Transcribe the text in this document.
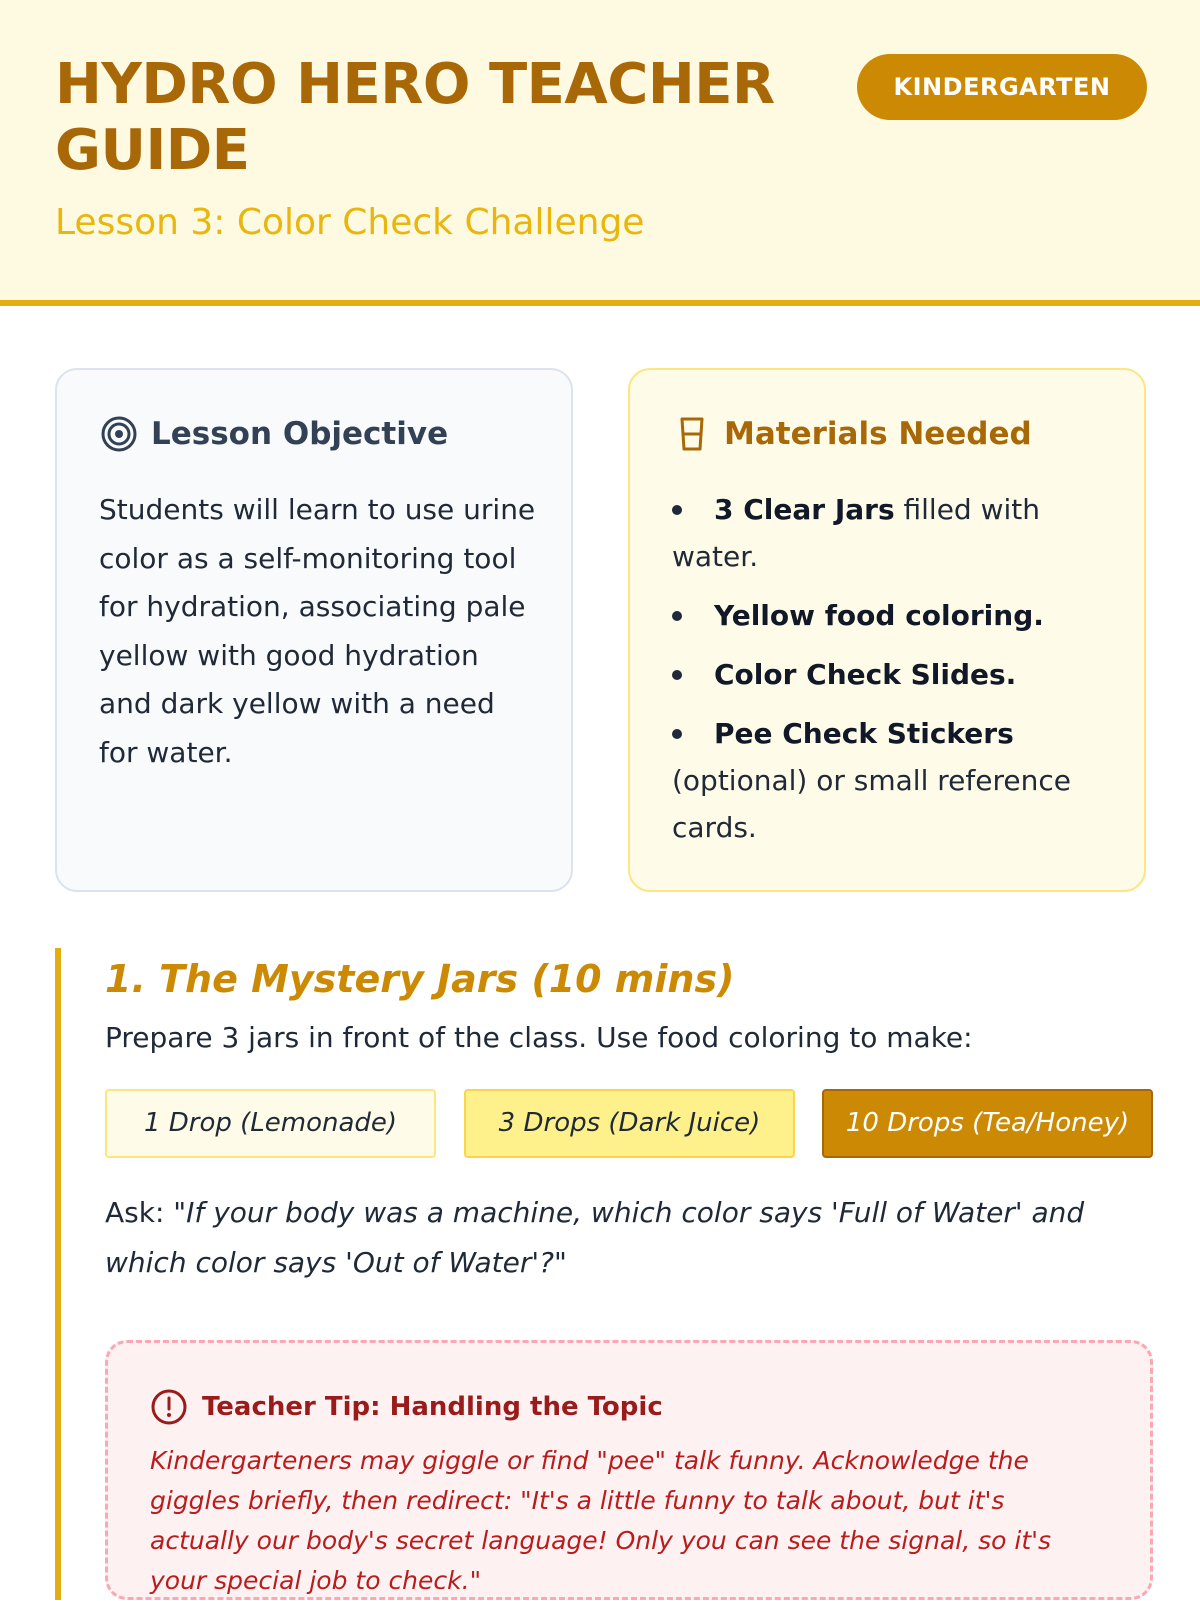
HYDRO HERO TEACHER GUIDE
Lesson 3: Color Check Challenge
KINDERGARTEN
Lesson Objective

Students will learn to use urine color as a self-monitoring tool for hydration, associating pale yellow with good hydration and dark yellow with a need for water.

Materials Needed
3 Clear Jars filled with water.
Yellow food coloring.
Color Check Slides.
Pee Check Stickers (optional) or small reference cards.
1. The Mystery Jars (10 mins)

Prepare 3 jars in front of the class. Use food coloring to make:

1 Drop (Lemonade)	3 Drops (Dark Juice)	10 Drops (Tea/Honey)

Ask: "If your body was a machine, which color says 'Full of Water' and which color says 'Out of Water'?"

Teacher Tip: Handling the Topic

Kindergarteners may giggle or find "pee" talk funny. Acknowledge the giggles briefly, then redirect: "It's a little funny to talk about, but it's actually our body's secret language! Only you can see the signal, so it's your special job to check."
